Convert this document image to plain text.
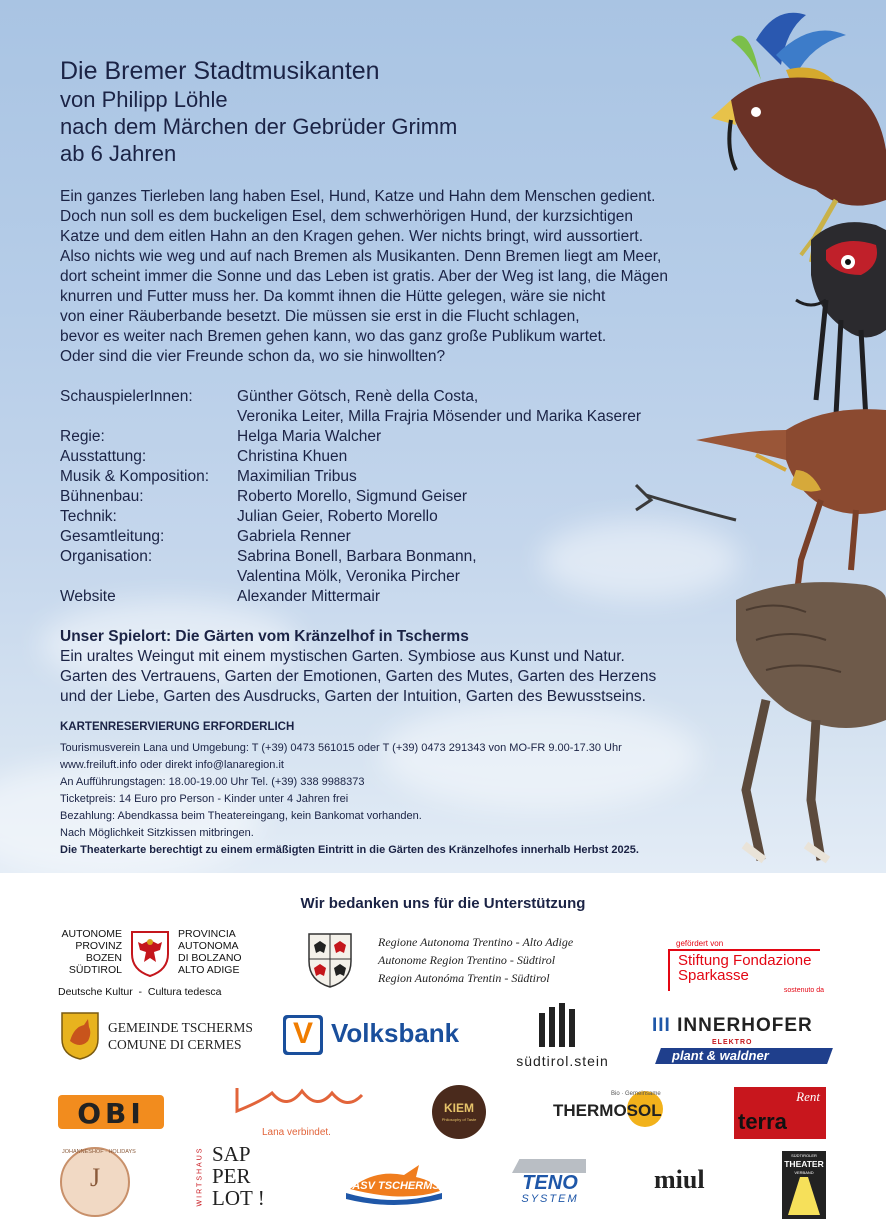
Die Bremer Stadtmusikanten
von Philipp Löhle
nach dem Märchen der Gebrüder Grimm
ab 6 Jahren
Ein ganzes Tierleben lang haben Esel, Hund, Katze und Hahn dem Menschen gedient.
Doch nun soll es dem buckeligen Esel, dem schwerhörigen Hund, der kurzsichtigen
Katze und dem eitlen Hahn an den Kragen gehen. Wer nichts bringt, wird aussortiert.
Also nichts wie weg und auf nach Bremen als Musikanten. Denn Bremen liegt am Meer,
dort scheint immer die Sonne und das Leben ist gratis. Aber der Weg ist lang, die Mägen
knurren und Futter muss her. Da kommt ihnen die Hütte gelegen, wäre sie nicht
von einer Räuberbande besetzt. Die müssen sie erst in die Flucht schlagen,
bevor es weiter nach Bremen gehen kann, wo das ganz große Publikum wartet.
Oder sind die vier Freunde schon da, wo sie hinwollten?
SchauspielerInnen:	Günther Götsch, Renè della Costa,
Veronika Leiter, Milla Frajria Mösender und Marika Kaserer
Regie:	Helga Maria Walcher
Ausstattung:	Christina Khuen
Musik & Komposition:	Maximilian Tribus
Bühnenbau:	Roberto Morello, Sigmund Geiser
Technik:	Julian Geier, Roberto Morello
Gesamtleitung:	Gabriela Renner
Organisation:	Sabrina Bonell, Barbara Bonmann,
Valentina Mölk, Veronika Pircher
Website	Alexander Mittermair
Unser Spielort: Die Gärten vom Kränzelhof in Tscherms
Ein uraltes Weingut mit einem mystischen Garten. Symbiose aus Kunst und Natur.
Garten des Vertrauens, Garten der Emotionen, Garten des Mutes, Garten des Herzens
und der Liebe, Garten des Ausdrucks, Garten der Intuition, Garten des Bewusstseins.
KARTENRESERVIERUNG ERFORDERLICH
Tourismusverein Lana und Umgebung: T (+39) 0473 561015 oder T (+39) 0473 291343 von MO-FR 9.00-17.30 Uhr
www.freiluft.info oder direkt info@lanaregion.it
An Aufführungstagen: 18.00-19.00 Uhr Tel. (+39) 338 9988373
Ticketpreis: 14 Euro pro Person - Kinder unter 4 Jahren frei
Bezahlung: Abendkassa beim Theatereingang, kein Bankomat vorhanden.
Nach Möglichkeit Sitzkissen mitbringen.
Die Theaterkarte berechtigt zu einem ermäßigten Eintritt in die Gärten des Kränzelhofes innerhalb Herbst 2025.
Wir bedanken uns für die Unterstützung
AUTONOME
PROVINZ
BOZEN
SÜDTIROL
PROVINCIA
AUTONOMA
DI BOLZANO
ALTO ADIGE
Deutsche Kultur  -  Cultura tedesca
Regione Autonoma Trentino - Alto Adige
Autonome Region Trentino - Südtirol
Region Autonóma Trentin - Südtirol
gefördert von
Stiftung Fondazione
Sparkasse
sostenuto da
GEMEINDE TSCHERMS
COMUNE DI CERMES	V Volksbank
südtirol.stein
III INNERHOFER
ELEKTRO
plant & waldner
OBI
Lana verbindet.
KIEM
Philosophy of Taste
Bio · Gemeinsame
THERMOSOL
Rent
terra
J
JOHANNESHOF · HOLIDAYS	WIRTSHAUS SAP
PER
LOT !	ASV TSCHERMS	TENO
SYSTEM
miul
SÜDTIROLER
THEATER
VERBAND
